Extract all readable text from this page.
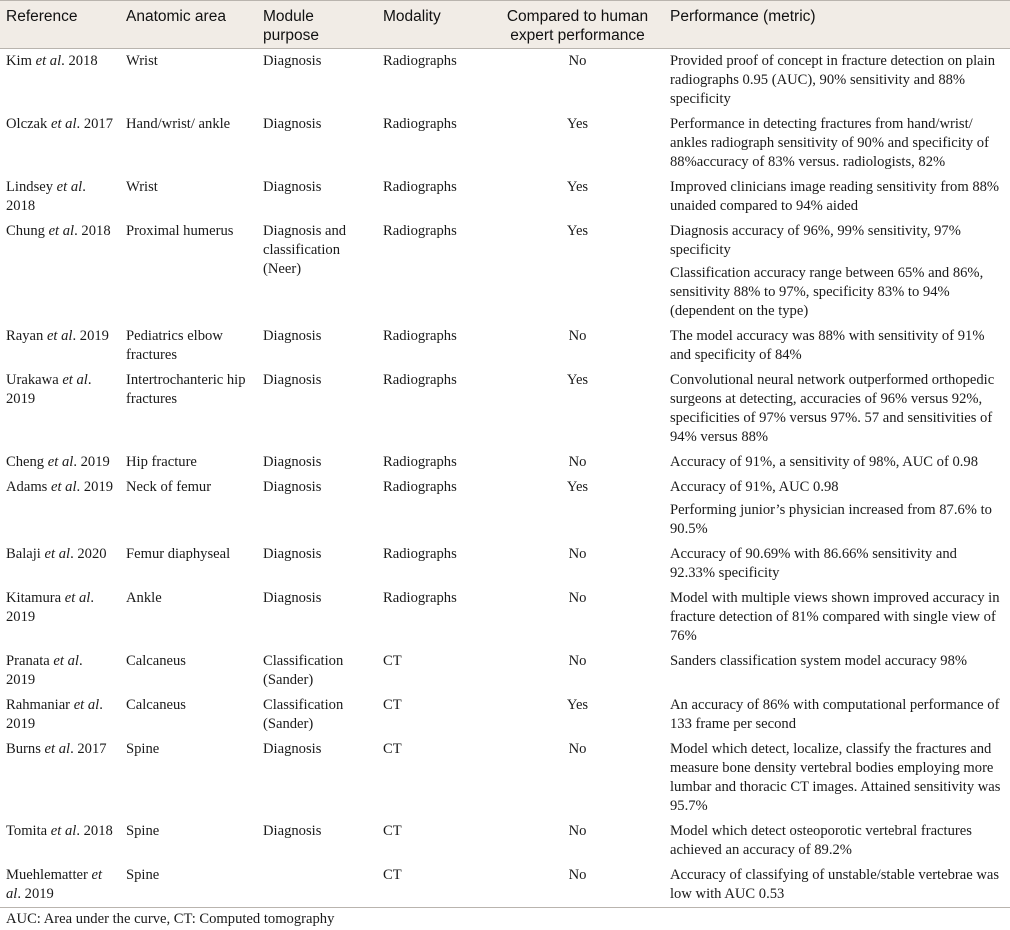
Reference	Anatomic area	Module purpose	Modality	Compared to human expert performance	Performance (metric)
Kim et al. 2018	Wrist	Diagnosis	Radiographs	No	Provided proof of concept in fracture detection on plain radiographs 0.95 (AUC), 90% sensitivity and 88% specificity

Olczak et al. 2017	Hand/wrist/ ankle	Diagnosis	Radiographs	Yes	Performance in detecting fractures from hand/wrist/ ankles radiograph sensitivity of 90% and specificity of 88%accuracy of 83% versus. radiologists, 82%

Lindsey et al. 2018	Wrist	Diagnosis	Radiographs	Yes	Improved clinicians image reading sensitivity from 88% unaided compared to 94% aided

Chung et al. 2018	Proximal humerus	Diagnosis and classification (Neer)	Radiographs	Yes	Diagnosis accuracy of 96%, 99% sensitivity, 97% specificity
Classification accuracy range between 65% and 86%, sensitivity 88% to 97%, specificity 83% to 94% (dependent on the type)

Rayan et al. 2019	Pediatrics elbow fractures	Diagnosis	Radiographs	No	The model accuracy was 88% with sensitivity of 91% and specificity of 84%

Urakawa et al. 2019	Intertrochanteric hip fractures	Diagnosis	Radiographs	Yes	Convolutional neural network outperformed orthopedic surgeons at detecting, accuracies of 96% versus 92%, specificities of 97% versus 97%. 57 and sensitivities of 94% versus 88%

Cheng et al. 2019	Hip fracture	Diagnosis	Radiographs	No	Accuracy of 91%, a sensitivity of 98%, AUC of 0.98

Adams et al. 2019	Neck of femur	Diagnosis	Radiographs	Yes	Accuracy of 91%, AUC 0.98
Performing junior’s physician increased from 87.6% to 90.5%

Balaji et al. 2020	Femur diaphyseal	Diagnosis	Radiographs	No	Accuracy of 90.69% with 86.66% sensitivity and 92.33% specificity

Kitamura et al. 2019	Ankle	Diagnosis	Radiographs	No	Model with multiple views shown improved accuracy in fracture detection of 81% compared with single view of 76%

Pranata et al. 2019	Calcaneus	Classification (Sander)	CT	No	Sanders classification system model accuracy 98%

Rahmaniar et al. 2019	Calcaneus	Classification (Sander)	CT	Yes	An accuracy of 86% with computational performance of 133 frame per second

Burns et al. 2017	Spine	Diagnosis	CT	No	Model which detect, localize, classify the fractures and measure bone density vertebral bodies employing more lumbar and thoracic CT images. Attained sensitivity was 95.7%

Tomita et al. 2018	Spine	Diagnosis	CT	No	Model which detect osteoporotic vertebral fractures achieved an accuracy of 89.2%

Muehlematter et al. 2019	Spine		CT	No	Accuracy of classifying of unstable/stable vertebrae was low with AUC 0.53
AUC: Area under the curve, CT: Computed tomography
